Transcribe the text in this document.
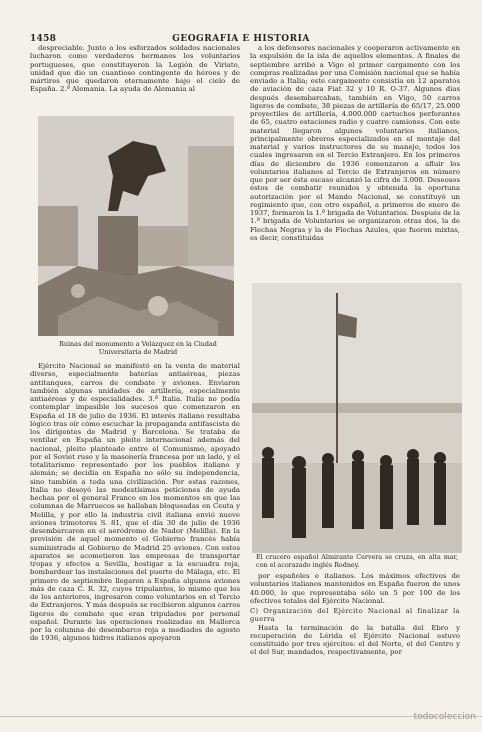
1458	GEOGRAFIA E HISTORIA

despreciable. Junto a los esforzados soldados nacionales lucharon como verdaderos hermanos los voluntarios portugueses, que constituyeron la Legión de Viriato, unidad que dio un cuantioso contingente de héroes y de mártires que quedaron eternamente bajo el cielo de España. 2.ª Alemania. La ayuda de Alemania al

Ruinas del monumento a Velázquez en la Ciudad Universitaria de Madrid

Ejército Nacional se manifestó en la venta de material diverso, especialmente baterías antiaéreas, piezas antitanques, carros de combate y aviones. Enviaron también algunas unidades de artillería, especialmente antiaéreas y de especialidades. 3.ª Italia. Italia no podía contemplar impasible los sucesos que comenzaron en España el 18 de julio de 1936. El interés italiano resultaba lógico tras oír cómo escuchar la propaganda antifascista de los dirigentes de Madrid y Barcelona. Se trataba de ventilar en España un pleito internacional además del nacional, pleito planteado entre el Comunismo, apoyado por el Soviet ruso y la masonería francesa por un lado, y el totalitarismo representado por los pueblos italiano y alemán; se decidía en España no sólo su independencia, sino también a toda una civilización. Por estas razones, Italia no desoyó las modestísimas peticiones de ayuda hechas por el general Franco en los momentos en que las columnas de Marruecos se hallaban bloqueadas en Ceuta y Melilla, y por ello la industria civil italiana envió nueve aviones trimotores S. 81, que el día 30 de julio de 1936 desembarcaron en el aeródromo de Nador (Melilla). En la previsión de aquel momento el Gobierno francés había suministrado al Gobierno de Madrid 25 aviones. Con estos aparatos se acometieron las empresas de transportar tropas y efectos a Sevilla, hostigar a la escuadra roja, bombardear las instalaciones del puerto de Málaga, etc. El primero de septiembre llegaron a España algunos aviones más de caza C. R. 32, cuyos tripulantes, lo mismo que los de los anteriores, ingresaron como voluntarios en el Tercio de Extranjeros. Y más después se recibieron algunos carros ligeros de combate que eran tripulados por personal español. Durante las operaciones realizadas en Mallorca por la columna de desembarco roja a mediados de agosto de 1936, algunos hidros italianos apoyaron

a los defensores nacionales y cooperaron activamente en la expulsión de la isla de aquellos elementos. A finales de septiembre arribó a Vigo el primer cargamento con los compras realizadas por una Comisión nacional que se había enviado a Italia; este cargamento consistía en 12 aparatos de aviación de caza Fiat 32 y 10 R. O-37. Algunos días después desembarcaban, también en Vigo, 50 carros ligeros de combate, 38 piezas de artillería de 65/17, 25.000 proyectiles de artillería, 4.000.000 cartuchos perforantes de 65, cuatro estaciones radio y cuatro camiones. Con este material llegaron algunos voluntarios italianos, principalmente obreros especializados en el montaje del material y varios instructores de su manejo, todos los cuales ingresaron en el Tercio Extranjero. En los primeros días de diciembre de 1936 comenzaron a afluir los voluntarios italianos al Tercio de Extranjeros en número que por ser ésta escaso alcanzó la cifra de 3.000. Deseosos éstos de combatir reunidos y obtenida la oportuna autorización por el Mando Nacional, se constituyó un regimiento que, con otro español, a primeros de enero de 1937, formaron la 1.ª brigada de Voluntarios. Después de la 1.ª brigada de Voluntarios se organizaron otras dos, la de Flechas Negras y la de Flechas Azules, que fueron mixtas, es decir, constituidas

El crucero español Almirante Cervera se cruza, en alta mar, con el acorazado inglés Rodney.

por españoles e italianos. Los máximos efectivos de voluntarios italianos mantenidos en España fueron de unos 40.000, lo que representaba sólo un 5 por 100 de los efectivos totales del Ejército Nacional.

C) Organización del Ejército Nacional al finalizar la guerra

Hasta la terminación de la batalla del Ebro y recuperación de Lérida el Ejército Nacional estuvo constituido por tres ejércitos: el del Norte, el del Centro y el del Sur, mandados, respectivamente, por

todocoleccion
